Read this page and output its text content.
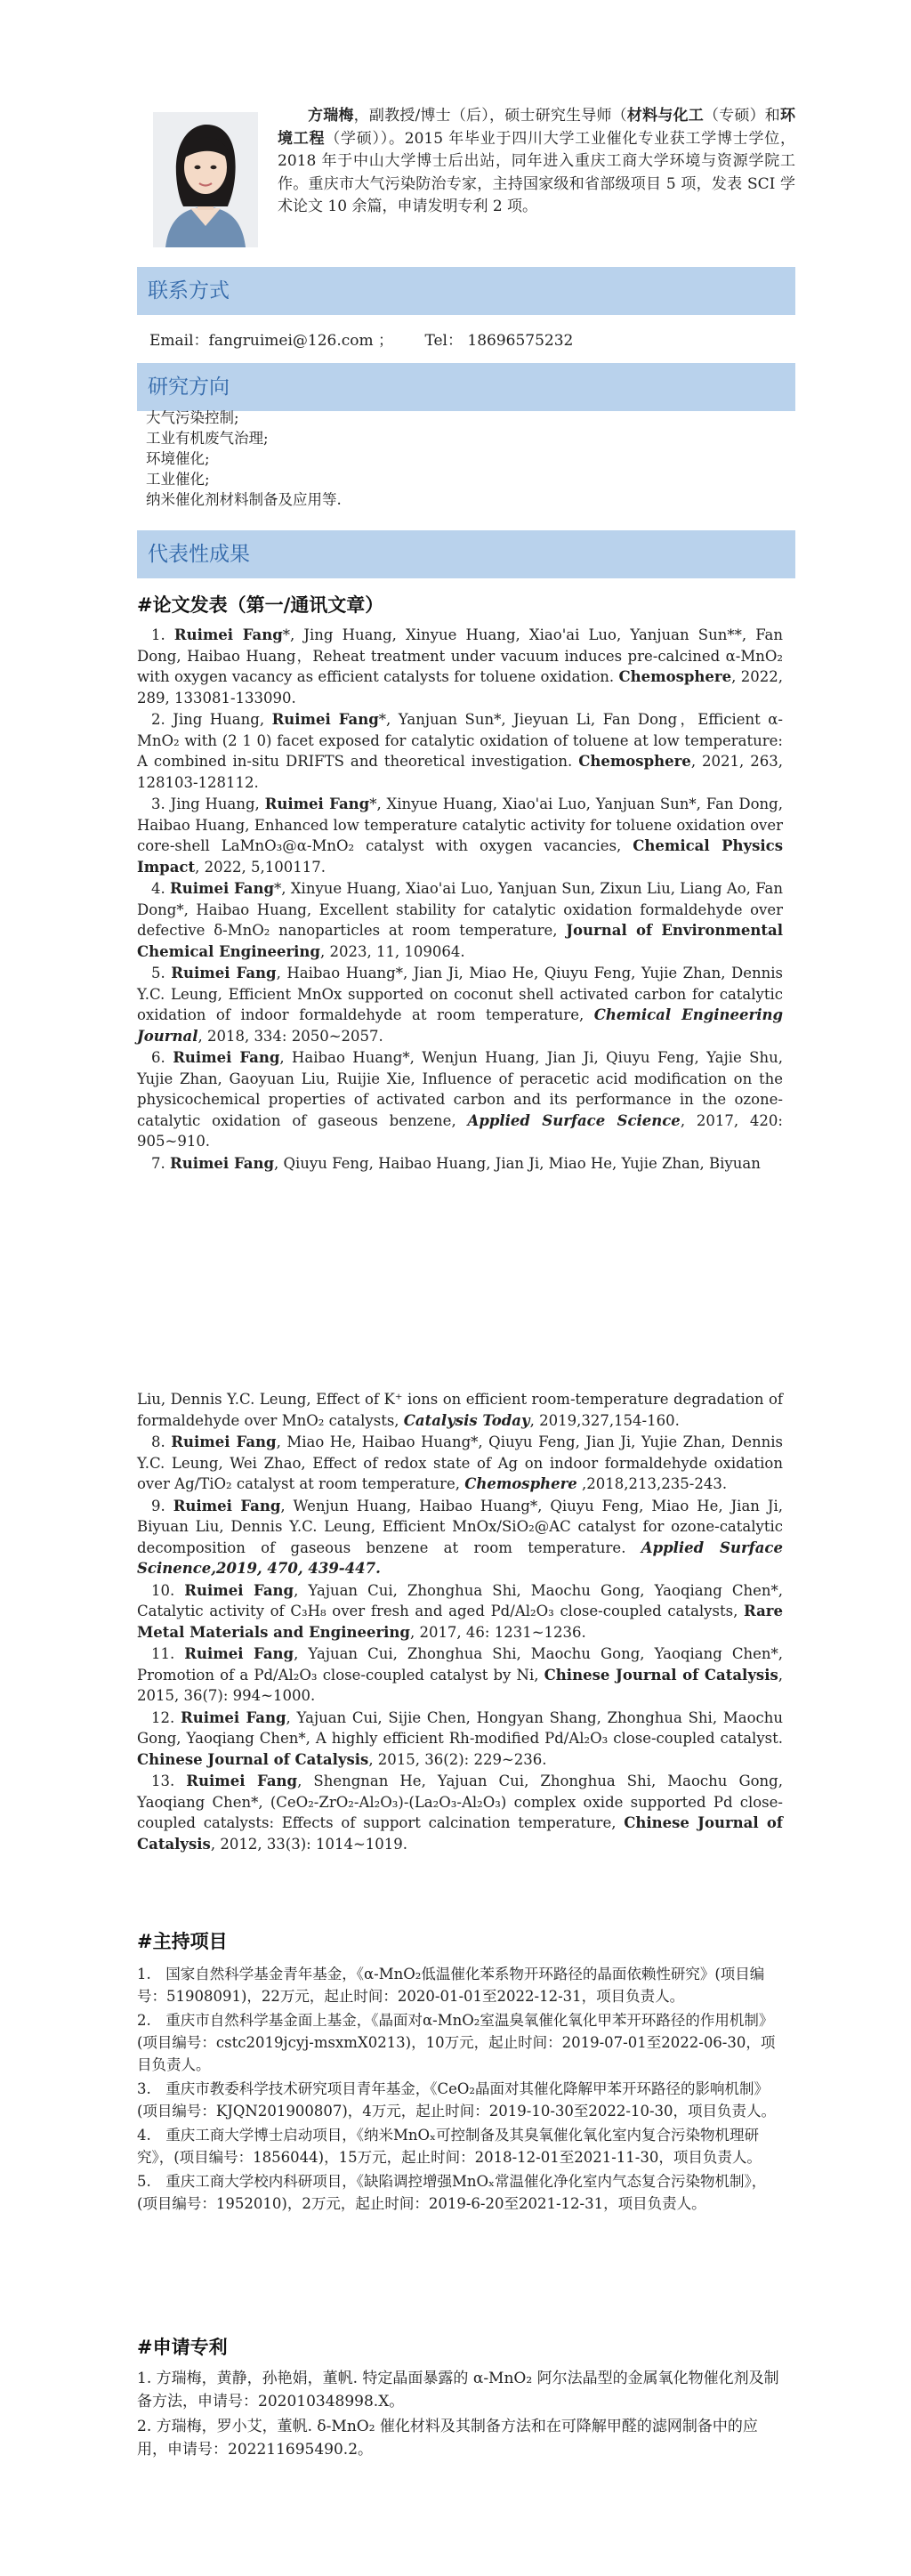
方瑞梅，副教授/博士（后），硕士研究生导师（材料与化工（专硕）和环境工程（学硕））。2015 年毕业于四川大学工业催化专业获工学博士学位，2018 年于中山大学博士后出站，同年进入重庆工商大学环境与资源学院工作。重庆市大气污染防治专家，主持国家级和省部级项目 5 项，发表 SCI 学术论文 10 余篇，申请发明专利 2 项。
联系方式
Email：fangruimei@126.com ； Tel： 18696575232
研究方向
大气污染控制;
工业有机废气治理;
环境催化;
工业催化;
纳米催化剂材料制备及应用等.
代表性成果
#论文发表（第一/通讯文章）

1. Ruimei Fang*, Jing Huang, Xinyue Huang, Xiao'ai Luo, Yanjuan Sun**, Fan Dong, Haibao Huang，Reheat treatment under vacuum induces pre-calcined α-MnO₂ with oxygen vacancy as efficient catalysts for toluene oxidation. Chemosphere, 2022, 289, 133081-133090.

2. Jing Huang, Ruimei Fang*, Yanjuan Sun*, Jieyuan Li, Fan Dong，Efficient α-MnO₂ with (2 1 0) facet exposed for catalytic oxidation of toluene at low temperature: A combined in-situ DRIFTS and theoretical investigation. Chemosphere, 2021, 263, 128103-128112.

3. Jing Huang, Ruimei Fang*, Xinyue Huang, Xiao'ai Luo, Yanjuan Sun*, Fan Dong, Haibao Huang, Enhanced low temperature catalytic activity for toluene oxidation over core-shell LaMnO₃@α-MnO₂ catalyst with oxygen vacancies, Chemical Physics Impact, 2022, 5,100117.

4. Ruimei Fang*, Xinyue Huang, Xiao'ai Luo, Yanjuan Sun, Zixun Liu, Liang Ao, Fan Dong*, Haibao Huang, Excellent stability for catalytic oxidation formaldehyde over defective δ-MnO₂ nanoparticles at room temperature, Journal of Environmental Chemical Engineering, 2023, 11, 109064.

5. Ruimei Fang, Haibao Huang*, Jian Ji, Miao He, Qiuyu Feng, Yujie Zhan, Dennis Y.C. Leung, Efficient MnOx supported on coconut shell activated carbon for catalytic oxidation of indoor formaldehyde at room temperature, Chemical Engineering Journal, 2018, 334: 2050~2057.

6. Ruimei Fang, Haibao Huang*, Wenjun Huang, Jian Ji, Qiuyu Feng, Yajie Shu, Yujie Zhan, Gaoyuan Liu, Ruijie Xie, Influence of peracetic acid modification on the physicochemical properties of activated carbon and its performance in the ozone-catalytic oxidation of gaseous benzene, Applied Surface Science, 2017, 420: 905~910.

7. Ruimei Fang, Qiuyu Feng, Haibao Huang, Jian Ji, Miao He, Yujie Zhan, Biyuan

Liu, Dennis Y.C. Leung, Effect of K⁺ ions on efficient room-temperature degradation of formaldehyde over MnO₂ catalysts, Catalysis Today, 2019,327,154-160.

8. Ruimei Fang, Miao He, Haibao Huang*, Qiuyu Feng, Jian Ji, Yujie Zhan, Dennis Y.C. Leung, Wei Zhao, Effect of redox state of Ag on indoor formaldehyde oxidation over Ag/TiO₂ catalyst at room temperature, Chemosphere ,2018,213,235-243.

9. Ruimei Fang, Wenjun Huang, Haibao Huang*, Qiuyu Feng, Miao He, Jian Ji, Biyuan Liu, Dennis Y.C. Leung, Efficient MnOx/SiO₂@AC catalyst for ozone-catalytic decomposition of gaseous benzene at room temperature. Applied Surface Scinence,2019, 470, 439-447.

10. Ruimei Fang, Yajuan Cui, Zhonghua Shi, Maochu Gong, Yaoqiang Chen*, Catalytic activity of C₃H₈ over fresh and aged Pd/Al₂O₃ close-coupled catalysts, Rare Metal Materials and Engineering, 2017, 46: 1231~1236.

11. Ruimei Fang, Yajuan Cui, Zhonghua Shi, Maochu Gong, Yaoqiang Chen*, Promotion of a Pd/Al₂O₃ close-coupled catalyst by Ni, Chinese Journal of Catalysis, 2015, 36(7): 994~1000.

12. Ruimei Fang, Yajuan Cui, Sijie Chen, Hongyan Shang, Zhonghua Shi, Maochu Gong, Yaoqiang Chen*, A highly efficient Rh-modified Pd/Al₂O₃ close-coupled catalyst. Chinese Journal of Catalysis, 2015, 36(2): 229~236.

13. Ruimei Fang, Shengnan He, Yajuan Cui, Zhonghua Shi, Maochu Gong, Yaoqiang Chen*, (CeO₂-ZrO₂-Al₂O₃)-(La₂O₃-Al₂O₃) complex oxide supported Pd close-coupled catalysts: Effects of support calcination temperature, Chinese Journal of Catalysis, 2012, 33(3): 1014~1019.

#主持项目

1.　国家自然科学基金青年基金，《α-MnO₂低温催化苯系物开环路径的晶面依赖性研究》(项目编号：51908091)，22万元，起止时间：2020-01-01至2022-12-31，项目负责人。

2.　重庆市自然科学基金面上基金，《晶面对α-MnO₂室温臭氧催化氧化甲苯开环路径的作用机制》(项目编号：cstc2019jcyj-msxmX0213)，10万元，起止时间：2019-07-01至2022-06-30，项目负责人。

3.　重庆市教委科学技术研究项目青年基金，《CeO₂晶面对其催化降解甲苯开环路径的影响机制》(项目编号：KJQN201900807)，4万元，起止时间：2019-10-30至2022-10-30，项目负责人。

4.　重庆工商大学博士启动项目，《纳米MnOₓ可控制备及其臭氧催化氧化室内复合污染物机理研究》，(项目编号：1856044)，15万元，起止时间：2018-12-01至2021-11-30，项目负责人。

5.　重庆工商大学校内科研项目，《缺陷调控增强MnOₓ常温催化净化室内气态复合污染物机制》，(项目编号：1952010)，2万元，起止时间：2019-6-20至2021-12-31，项目负责人。

#申请专利

1. 方瑞梅，黄静，孙艳娟，董帆. 特定晶面暴露的 α-MnO₂ 阿尔法晶型的金属氧化物催化剂及制备方法，申请号：202010348998.X。

2. 方瑞梅，罗小艾，董帆. δ-MnO₂ 催化材料及其制备方法和在可降解甲醛的滤网制备中的应用，申请号：202211695490.2。
